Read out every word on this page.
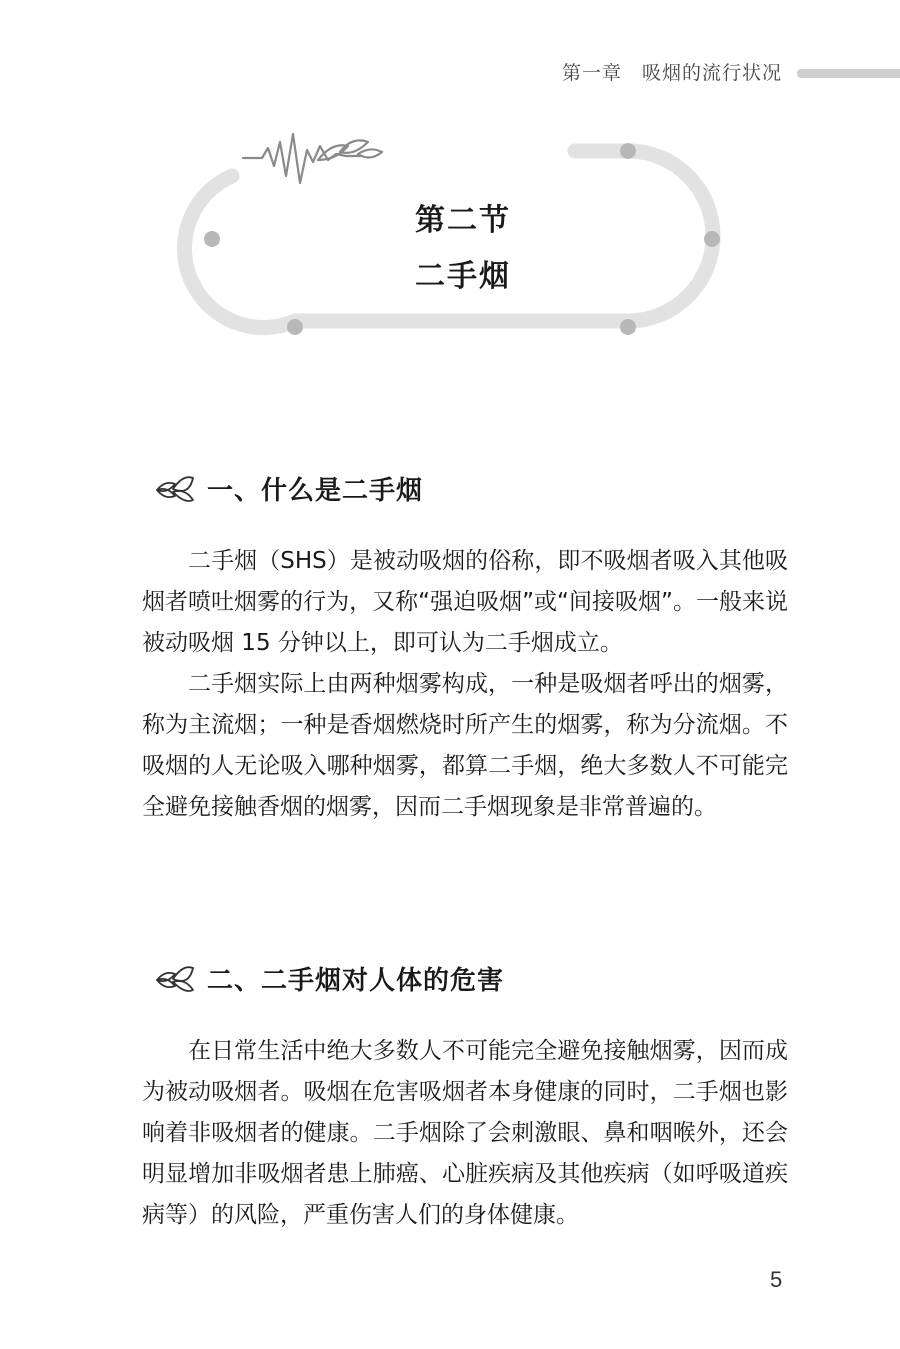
第一章　吸烟的流行状况
第二节
二手烟
一、什么是二手烟

二手烟（SHS）是被动吸烟的俗称，即不吸烟者吸入其他吸烟者喷吐烟雾的行为，又称“强迫吸烟”或“间接吸烟”。一般来说被动吸烟 15 分钟以上，即可认为二手烟成立。

二手烟实际上由两种烟雾构成，一种是吸烟者呼出的烟雾，称为主流烟；一种是香烟燃烧时所产生的烟雾，称为分流烟。不吸烟的人无论吸入哪种烟雾，都算二手烟，绝大多数人不可能完全避免接触香烟的烟雾，因而二手烟现象是非常普遍的。

二、二手烟对人体的危害

在日常生活中绝大多数人不可能完全避免接触烟雾，因而成为被动吸烟者。吸烟在危害吸烟者本身健康的同时，二手烟也影响着非吸烟者的健康。二手烟除了会刺激眼、鼻和咽喉外，还会明显增加非吸烟者患上肺癌、心脏疾病及其他疾病（如呼吸道疾病等）的风险，严重伤害人们的身体健康。

5
